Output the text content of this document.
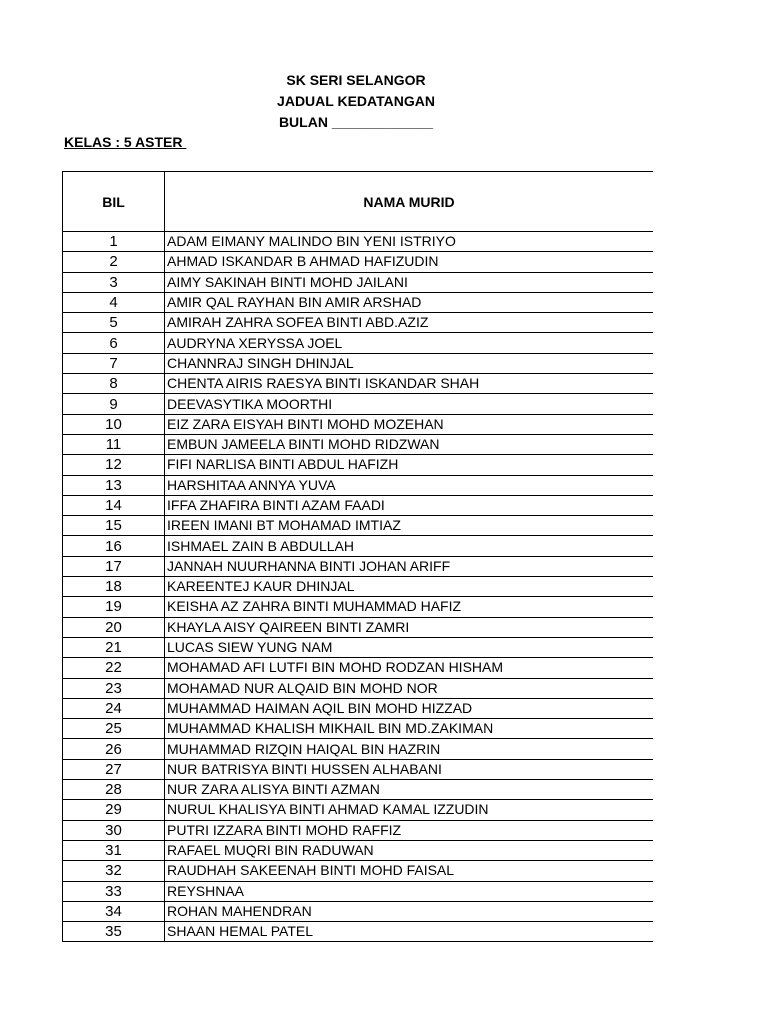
SK SERI SELANGOR
JADUAL KEDATANGAN
BULAN _____________
KELAS : 5 ASTER
BIL	NAMA MURID
1	ADAM EIMANY MALINDO BIN YENI ISTRIYO
2	AHMAD ISKANDAR B AHMAD HAFIZUDIN
3	AIMY SAKINAH BINTI MOHD JAILANI
4	AMIR QAL RAYHAN BIN AMIR ARSHAD
5	AMIRAH ZAHRA SOFEA BINTI ABD.AZIZ
6	AUDRYNA XERYSSA JOEL
7	CHANNRAJ SINGH DHINJAL
8	CHENTA AIRIS RAESYA BINTI ISKANDAR SHAH
9	DEEVASYTIKA MOORTHI
10	EIZ ZARA EISYAH BINTI MOHD MOZEHAN
11	EMBUN JAMEELA BINTI MOHD RIDZWAN
12	FIFI NARLISA BINTI ABDUL HAFIZH
13	HARSHITAA ANNYA YUVA
14	IFFA ZHAFIRA BINTI AZAM FAADI
15	IREEN IMANI BT MOHAMAD IMTIAZ
16	ISHMAEL ZAIN B ABDULLAH
17	JANNAH NUURHANNA BINTI JOHAN ARIFF
18	KAREENTEJ KAUR DHINJAL
19	KEISHA AZ ZAHRA BINTI MUHAMMAD HAFIZ
20	KHAYLA AISY QAIREEN BINTI ZAMRI
21	LUCAS SIEW YUNG NAM
22	MOHAMAD AFI LUTFI BIN MOHD RODZAN HISHAM
23	MOHAMAD NUR ALQAID BIN MOHD NOR
24	MUHAMMAD HAIMAN AQIL BIN MOHD HIZZAD
25	MUHAMMAD KHALISH MIKHAIL BIN MD.ZAKIMAN
26	MUHAMMAD RIZQIN HAIQAL BIN HAZRIN
27	NUR BATRISYA BINTI HUSSEN ALHABANI
28	NUR ZARA ALISYA BINTI AZMAN
29	NURUL KHALISYA BINTI AHMAD KAMAL IZZUDIN
30	PUTRI IZZARA BINTI MOHD RAFFIZ
31	RAFAEL MUQRI BIN RADUWAN
32	RAUDHAH SAKEENAH BINTI MOHD FAISAL
33	REYSHNAA
34	ROHAN MAHENDRAN
35	SHAAN HEMAL PATEL
